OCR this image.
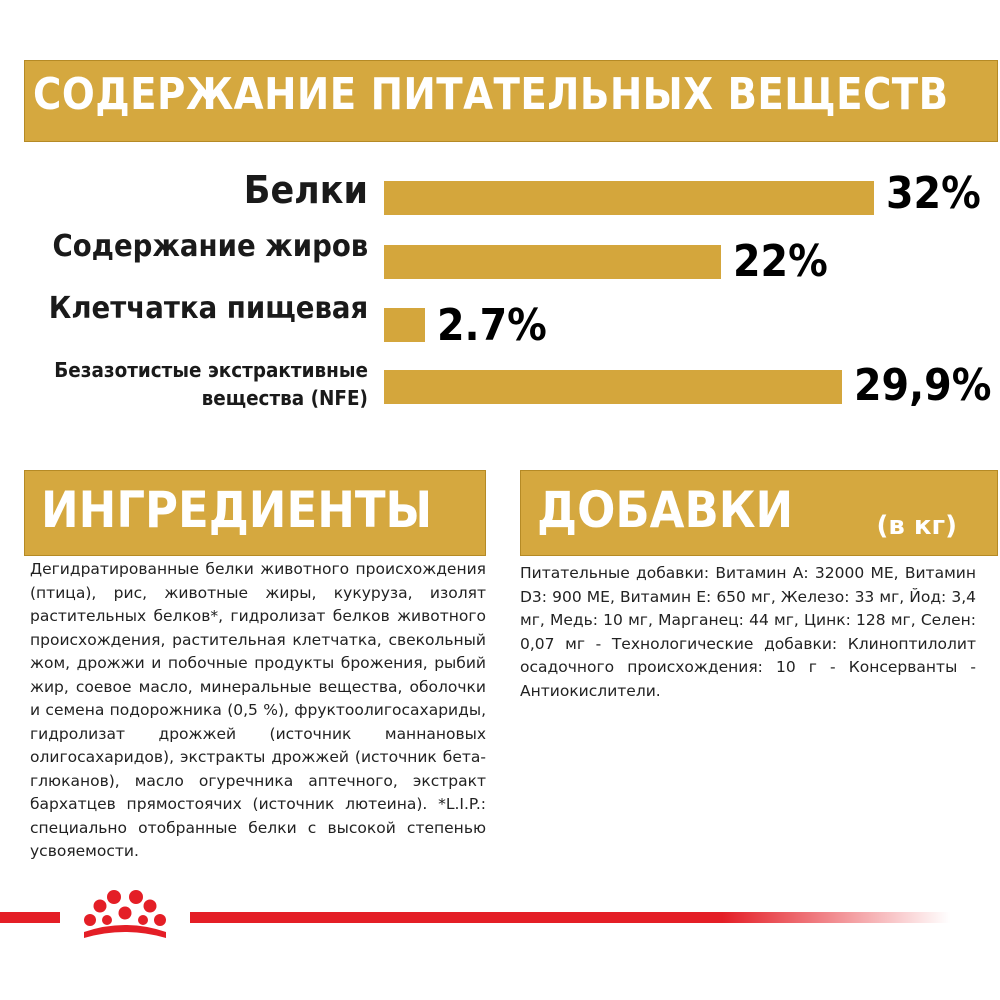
СОДЕРЖАНИЕ ПИТАТЕЛЬНЫХ ВЕЩЕСТВ
Белки	32%
Содержание жиров	22%
Клетчатка пищевая 2.7%
Безазотистые экстрактивные
вещества (NFE)	29,9%
ИНГРЕДИЕНТЫ
Дегидратированные белки животного происхождения (птица), рис, животные жиры, кукуруза, изолят растительных белков*, гидролизат белков животного происхождения, растительная клетчатка, свекольный жом, дрожжи и побочные продукты брожения, рыбий жир, соевое масло, минеральные вещества, оболочки и семена подорожника (0,5 %), фруктоолигосахариды, гидролизат дрожжей (источник маннановых олигосахаридов), экстракты дрожжей (источник бета-глюканов), масло огуречника аптечного, экстракт бархатцев прямостоячих (источник лютеина). *L.I.P.: специально отобранные белки с высокой степенью усвояемости.
ДОБАВКИ	(в кг)
Питательные добавки: Витамин А: 32000 МЕ, Витамин D3: 900 МЕ, Витамин Е: 650 мг, Железо: 33 мг, Йод: 3,4 мг, Медь: 10 мг, Марганец: 44 мг, Цинк: 128 мг, Селен: 0,07 мг - Технологические добавки: Клиноптилолит осадочного происхождения: 10 г - Консерванты - Антиокислители.
